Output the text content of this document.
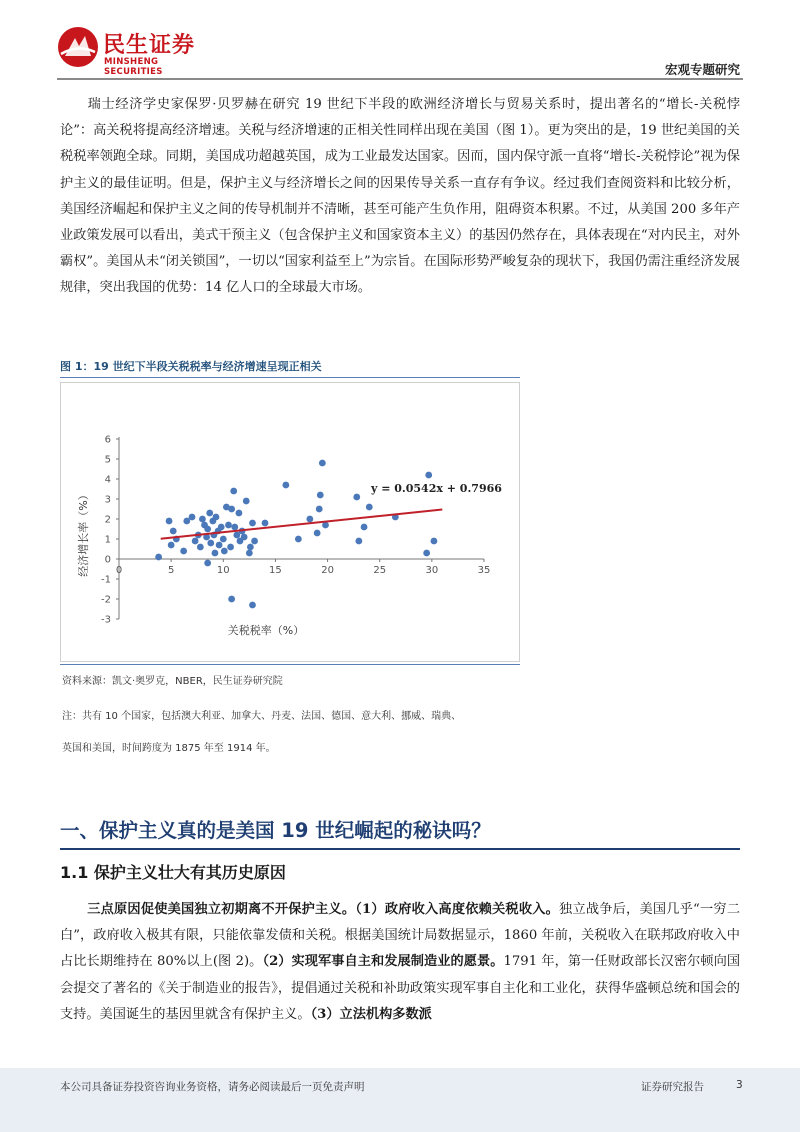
民生证券
MINSHENG SECURITIES	宏观专题研究
瑞士经济学史家保罗·贝罗赫在研究 19 世纪下半段的欧洲经济增长与贸易关系时，提出著名的“增长-关税悖论”：高关税将提高经济增速。关税与经济增速的正相关性同样出现在美国（图 1）。更为突出的是，19 世纪美国的关税税率领跑全球。同期，美国成功超越英国，成为工业最发达国家。因而，国内保守派一直将“增长-关税悖论”视为保护主义的最佳证明。但是，保护主义与经济增长之间的因果传导关系一直存有争议。经过我们查阅资料和比较分析，美国经济崛起和保护主义之间的传导机制并不清晰，甚至可能产生负作用，阻碍资本积累。不过，从美国 200 多年产业政策发展可以看出，美式干预主义（包含保护主义和国家资本主义）的基因仍然存在，具体表现在“对内民主，对外霸权”。美国从未“闭关锁国”，一切以“国家利益至上”为宗旨。在国际形势严峻复杂的现状下，我国仍需注重经济发展规律，突出我国的优势：14 亿人口的全球最大市场。
图 1：19 世纪下半段关税税率与经济增速呈现正相关
-3
-2
-1
0
1
2
3
4
5
6
0	5	10	15	20	25	30	35
关税税率（%）
经济增长率（%）
y = 0.0542x + 0.7966
资料来源：凯文·奥罗克，NBER，民生证券研究院
注：共有 10 个国家，包括澳大利亚、加拿大、丹麦、法国、德国、意大利、挪威、瑞典、
英国和美国，时间跨度为 1875 年至 1914 年。
一、保护主义真的是美国 19 世纪崛起的秘诀吗？
1.1 保护主义壮大有其历史原因
三点原因促使美国独立初期离不开保护主义。（1）政府收入高度依赖关税收入。独立战争后，美国几乎“一穷二白”，政府收入极其有限，只能依靠发债和关税。根据美国统计局数据显示，1860 年前，关税收入在联邦政府收入中占比长期维持在 80%以上(图 2)。（2）实现军事自主和发展制造业的愿景。1791 年，第一任财政部长汉密尔顿向国会提交了著名的《关于制造业的报告》，提倡通过关税和补助政策实现军事自主化和工业化，获得华盛顿总统和国会的支持。美国诞生的基因里就含有保护主义。（3）立法机构多数派
本公司具备证券投资咨询业务资格，请务必阅读最后一页免责声明	证券研究报告	3
